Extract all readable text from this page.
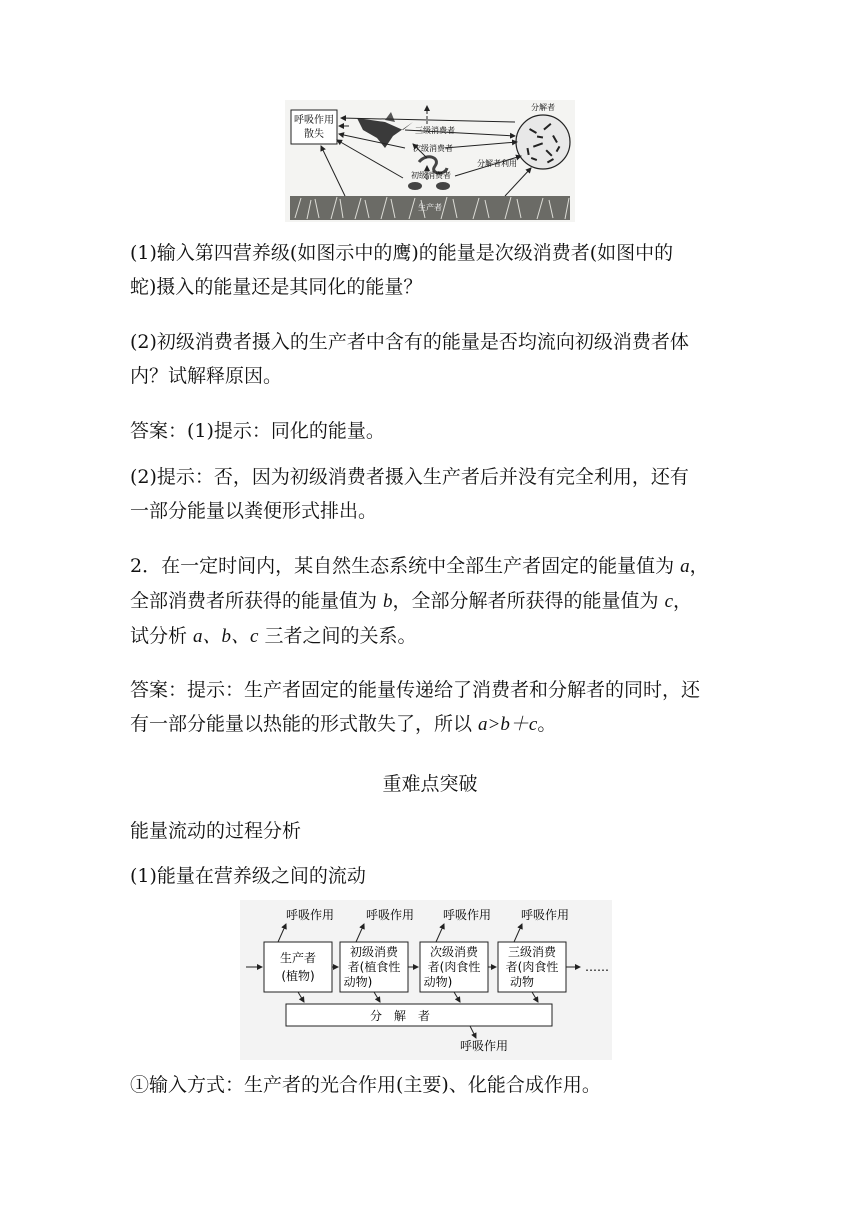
呼吸作用
散失	三级消费者
次级消费者
初级消费者
分解者利用
分解者
生产者

(1)输入第四营养级(如图示中的鹰)的能量是次级消费者(如图中的
蛇)摄入的能量还是其同化的能量？

(2)初级消费者摄入的生产者中含有的能量是否均流向初级消费者体
内？试解释原因。

答案：(1)提示：同化的能量。

(2)提示：否，因为初级消费者摄入生产者后并没有完全利用，还有
一部分能量以粪便形式排出。

2．在一定时间内，某自然生态系统中全部生产者固定的能量值为 a，
全部消费者所获得的能量值为 b，全部分解者所获得的能量值为 c，
试分析 a、b、c 三者之间的关系。

答案：提示：生产者固定的能量传递给了消费者和分解者的同时，还
有一部分能量以热能的形式散失了，所以 a>b＋c。

重难点突破

能量流动的过程分析

(1)能量在营养级之间的流动

呼吸作用	呼吸作用 呼吸作用 呼吸作用
生产者
(植物)
初级消费
者(植食性
动物)
次级消费
者(肉食性
动物)
三级消费
者(肉食性
动物
……
分　解　者
呼吸作用

①输入方式：生产者的光合作用(主要)、化能合成作用。
